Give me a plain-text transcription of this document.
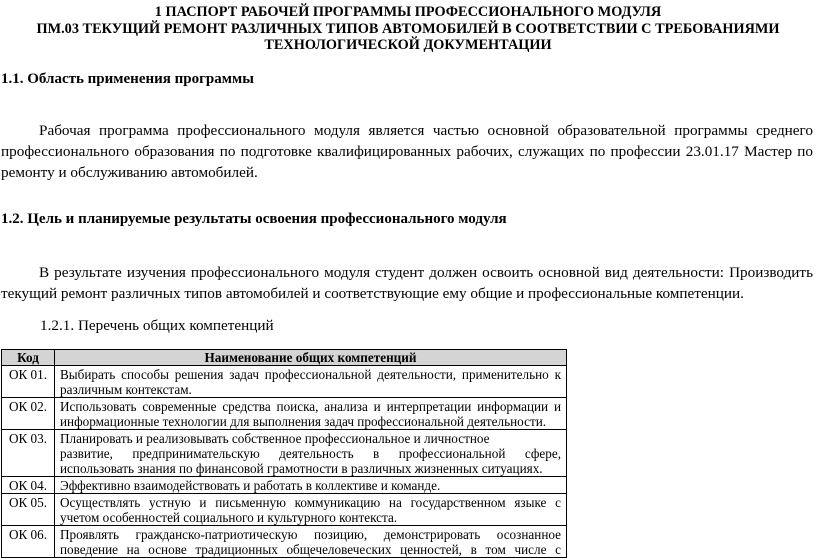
1 ПАСПОРТ РАБОЧЕЙ ПРОГРАММЫ ПРОФЕССИОНАЛЬНОГО МОДУЛЯ
ПМ.03 ТЕКУЩИЙ РЕМОНТ РАЗЛИЧНЫХ ТИПОВ АВТОМОБИЛЕЙ В СООТВЕТСТВИИ С ТРЕБОВАНИЯМИ
ТЕХНОЛОГИЧЕСКОЙ ДОКУМЕНТАЦИИ
1.1. Область применения программы
Рабочая программа профессионального модуля является частью основной образовательной программы среднего
профессионального образования по подготовке квалифицированных рабочих, служащих по профессии 23.01.17 Мастер по
ремонту и обслуживанию автомобилей.
1.2. Цель и планируемые результаты освоения профессионального модуля
В результате изучения профессионального модуля студент должен освоить основной вид деятельности: Производить
текущий ремонт различных типов автомобилей и соответствующие ему общие и профессиональные компетенции.
1.2.1. Перечень общих компетенций
Код	Наименование общих компетенций
ОК 01.	Выбирать способы решения задач профессиональной деятельности, применительно к
различным контекстам.

ОК 02.	Использовать современные средства поиска, анализа и интерпретации информации и
информационные технологии для выполнения задач профессиональной деятельности.

ОК 03.	Планировать и реализовывать собственное профессиональное и личностное
развитие, предпринимательскую деятельность в профессиональной сфере,
использовать знания по финансовой грамотности в различных жизненных ситуациях.

ОК 04.	Эффективно взаимодействовать и работать в коллективе и команде.

ОК 05.	Осуществлять устную и письменную коммуникацию на государственном языке с
учетом особенностей социального и культурного контекста.

ОК 06.	Проявлять гражданско-патриотическую позицию, демонстрировать осознанное
поведение на основе традиционных общечеловеческих ценностей, в том числе с
